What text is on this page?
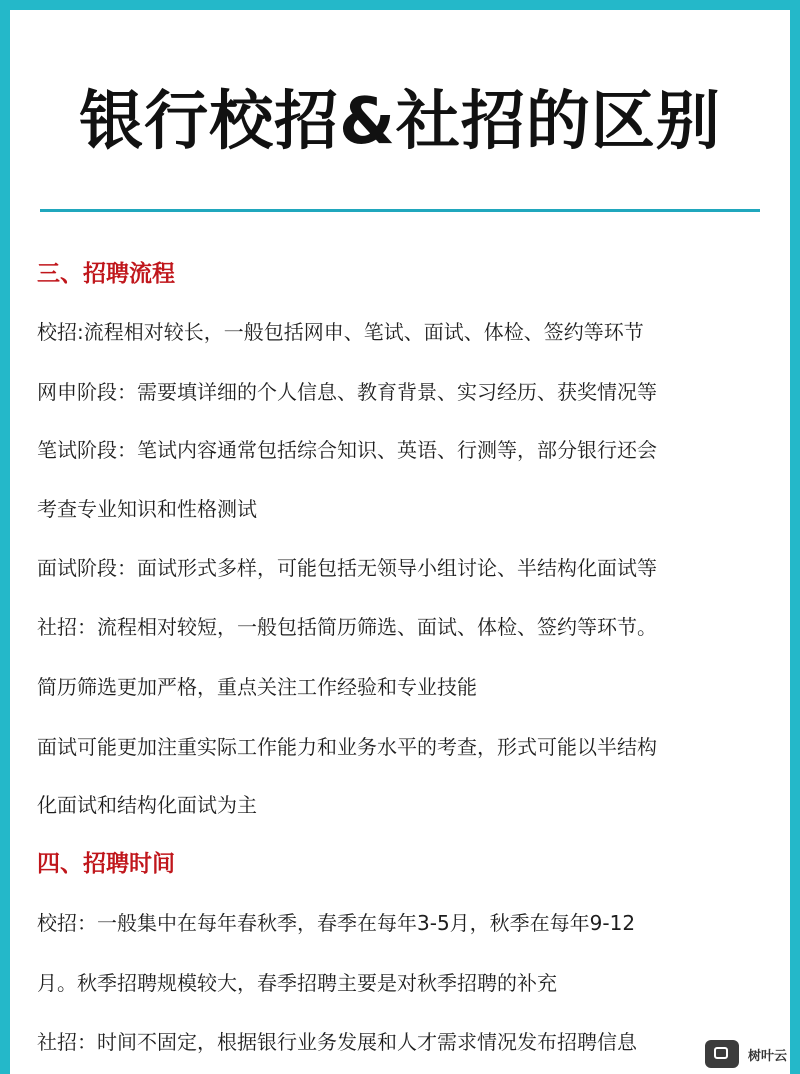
银行校招&社招的区别
三、招聘流程
校招:流程相对较长，一般包括网申、笔试、面试、体检、签约等环节
网申阶段：需要填详细的个人信息、教育背景、实习经历、获奖情况等
笔试阶段：笔试内容通常包括综合知识、英语、行测等，部分银行还会
考查专业知识和性格测试
面试阶段：面试形式多样，可能包括无领导小组讨论、半结构化面试等
社招：流程相对较短，一般包括简历筛选、面试、体检、签约等环节。
简历筛选更加严格，重点关注工作经验和专业技能
面试可能更加注重实际工作能力和业务水平的考查，形式可能以半结构
化面试和结构化面试为主
四、招聘时间
校招：一般集中在每年春秋季，春季在每年3-5月，秋季在每年9-12
月。秋季招聘规模较大，春季招聘主要是对秋季招聘的补充
社招：时间不固定，根据银行业务发展和人才需求情况发布招聘信息
树叶云
